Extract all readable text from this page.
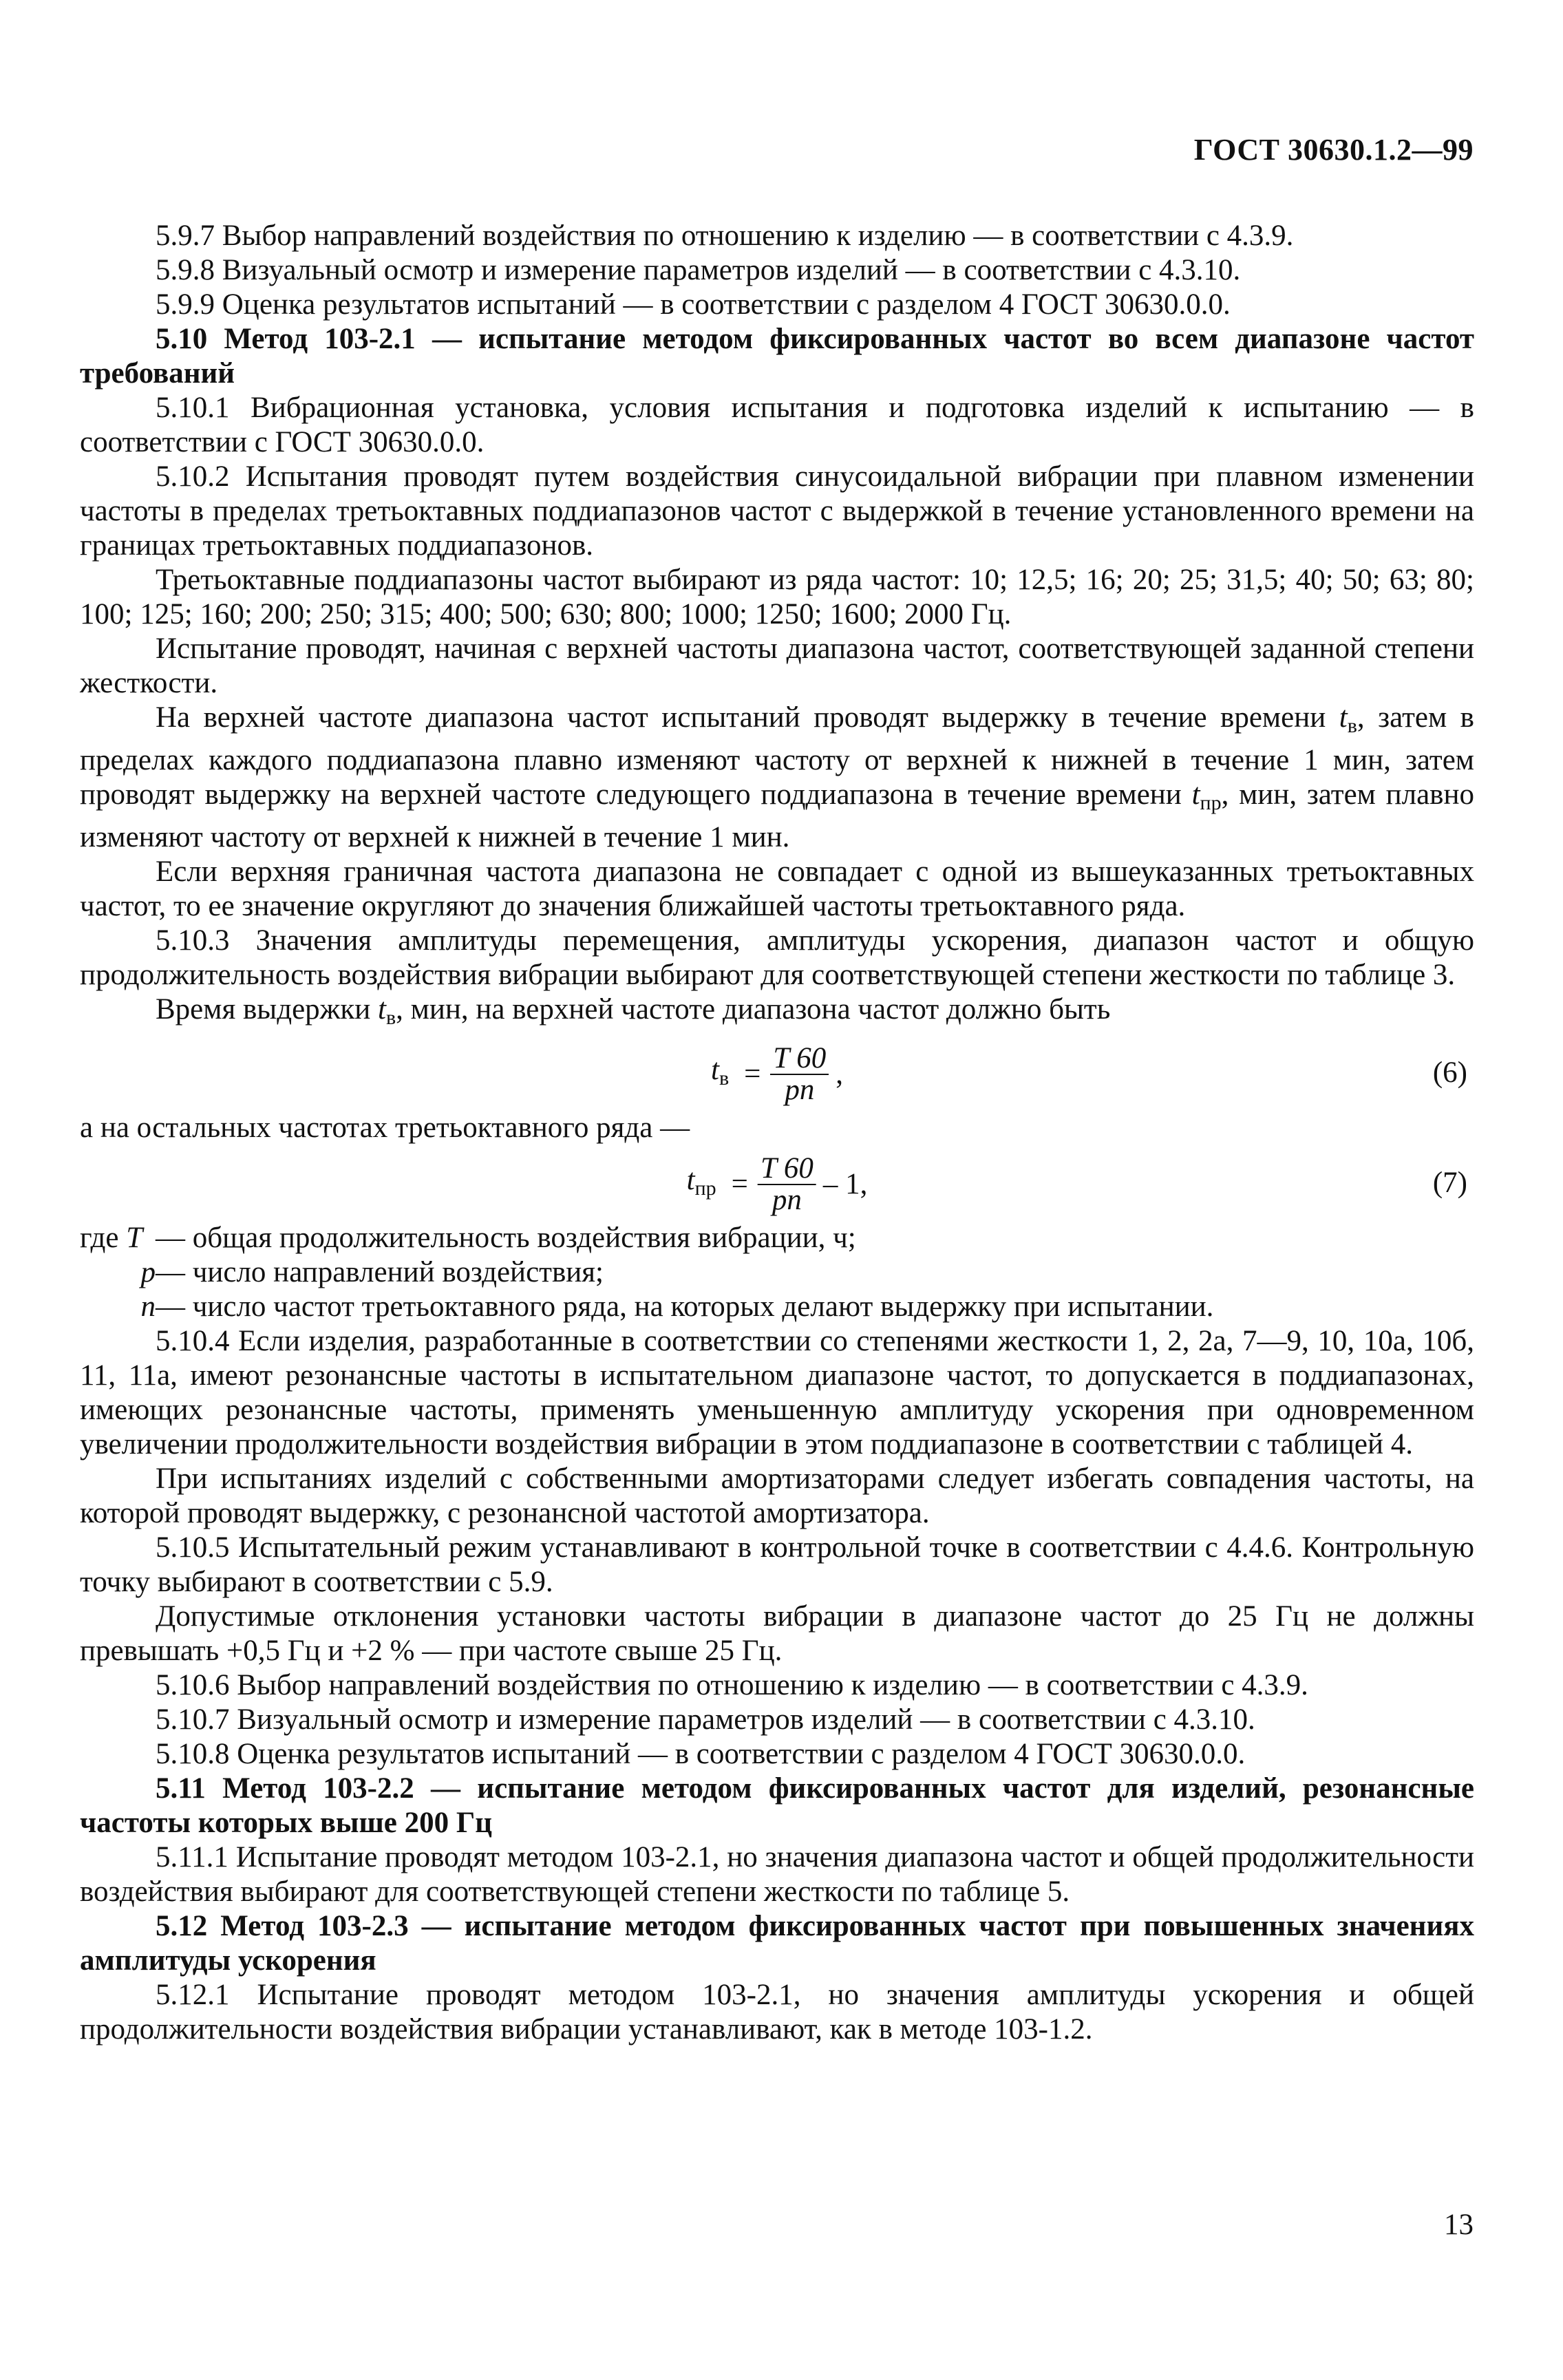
ГОСТ 30630.1.2—99

5.9.7 Выбор направлений воздействия по отношению к изделию — в соответствии с 4.3.9.

5.9.8 Визуальный осмотр и измерение параметров изделий — в соответствии с 4.3.10.

5.9.9 Оценка результатов испытаний — в соответствии с разделом 4 ГОСТ 30630.0.0.

5.10 Метод 103-2.1 — испытание методом фиксированных частот во всем диапазоне частот требований

5.10.1 Вибрационная установка, условия испытания и подготовка изделий к испытанию — в соответствии с ГОСТ 30630.0.0.

5.10.2 Испытания проводят путем воздействия синусоидальной вибрации при плавном изменении частоты в пределах третьоктавных поддиапазонов частот с выдержкой в течение установленного времени на границах третьоктавных поддиапазонов.

Третьоктавные поддиапазоны частот выбирают из ряда частот: 10; 12,5; 16; 20; 25; 31,5; 40; 50; 63; 80; 100; 125; 160; 200; 250; 315; 400; 500; 630; 800; 1000; 1250; 1600; 2000 Гц.

Испытание проводят, начиная с верхней частоты диапазона частот, соответствующей заданной степени жесткости.

На верхней частоте диапазона частот испытаний проводят выдержку в течение времени $t_в$, затем в пределах каждого поддиапазона плавно изменяют частоту от верхней к нижней в течение 1 мин, затем проводят выдержку на верхней частоте следующего поддиапазона в течение времени $t_{пр}$, мин, затем плавно изменяют частоту от верхней к нижней в течение 1 мин.

Если верхняя граничная частота диапазона не совпадает с одной из вышеуказанных третьоктавных частот, то ее значение округляют до значения ближайшей частоты третьоктавного ряда.

5.10.3 Значения амплитуды перемещения, амплитуды ускорения, диапазон частот и общую продолжительность воздействия вибрации выбирают для соответствующей степени жесткости по таблице 3.

Время выдержки $t_в$, мин, на верхней частоте диапазона частот должно быть

$t_в = \frac{T 60}{pn}$ ,	(6)

а на остальных частотах третьоктавного ряда —

$t_{пр} = \frac{T 60}{pn} - 1$,	(7)
где T — общая продолжительность воздействия вибрации, ч;
p — число направлений воздействия;
n — число частот третьоктавного ряда, на которых делают выдержку при испытании.

5.10.4 Если изделия, разработанные в соответствии со степенями жесткости 1, 2, 2а, 7—9, 10, 10а, 10б, 11, 11а, имеют резонансные частоты в испытательном диапазоне частот, то допускается в поддиапазонах, имеющих резонансные частоты, применять уменьшенную амплитуду ускорения при одновременном увеличении продолжительности воздействия вибрации в этом поддиапазоне в соответствии с таблицей 4.

При испытаниях изделий с собственными амортизаторами следует избегать совпадения частоты, на которой проводят выдержку, с резонансной частотой амортизатора.

5.10.5 Испытательный режим устанавливают в контрольной точке в соответствии с 4.4.6. Контрольную точку выбирают в соответствии с 5.9.

Допустимые отклонения установки частоты вибрации в диапазоне частот до 25 Гц не должны превышать +0,5 Гц и +2 % — при частоте свыше 25 Гц.

5.10.6 Выбор направлений воздействия по отношению к изделию — в соответствии с 4.3.9.

5.10.7 Визуальный осмотр и измерение параметров изделий — в соответствии с 4.3.10.

5.10.8 Оценка результатов испытаний — в соответствии с разделом 4 ГОСТ 30630.0.0.

5.11 Метод 103-2.2 — испытание методом фиксированных частот для изделий, резонансные частоты которых выше 200 Гц

5.11.1 Испытание проводят методом 103-2.1, но значения диапазона частот и общей продолжительности воздействия выбирают для соответствующей степени жесткости по таблице 5.

5.12 Метод 103-2.3 — испытание методом фиксированных частот при повышенных значениях амплитуды ускорения

5.12.1 Испытание проводят методом 103-2.1, но значения амплитуды ускорения и общей продолжительности воздействия вибрации устанавливают, как в методе 103-1.2.

13
